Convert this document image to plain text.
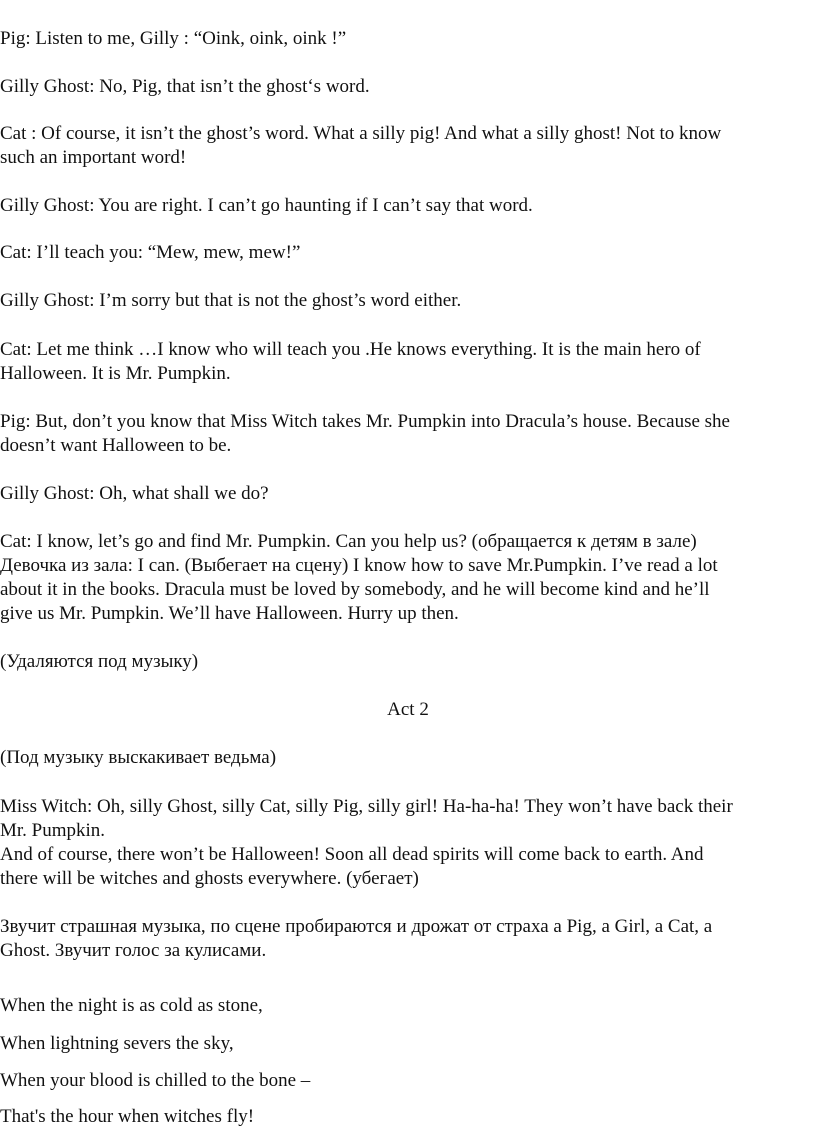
Pig: Listen to me, Gilly : “Oink, oink, oink !”

Gilly Ghost: No, Pig, that isn’t the ghost‘s word.

Cat : Of course, it isn’t the ghost’s word. What a silly pig! And what a silly ghost! Not to know

such an important word!

Gilly Ghost: You are right. I can’t go haunting if I can’t say that word.

Cat: I’ll teach you: “Mew, mew, mew!”

Gilly Ghost: I’m sorry but that is not the ghost’s word either.

Cat: Let me think …I know who will teach you .He knows everything. It is the main hero of

Halloween. It is Mr. Pumpkin.

Pig: But, don’t you know that Miss Witch takes Mr. Pumpkin into Dracula’s house. Because she

doesn’t want Halloween to be.

Gilly Ghost: Oh, what shall we do?

Cat: I know, let’s go and find Mr. Pumpkin. Can you help us? (обращается к детям в зале)

Девочка из зала: I can. (Выбегает на сцену) I know how to save Mr.Pumpkin. I’ve read a lot

about it in the books. Dracula must be loved by somebody, and he will become kind and he’ll

give us Mr. Pumpkin. We’ll have Halloween. Hurry up then.

(Удаляются под музыку)

Act 2

(Под музыку выскакивает ведьма)

Miss Witch: Oh, silly Ghost, silly Cat, silly Pig, silly girl! Ha-ha-ha! They won’t have back their

Mr. Pumpkin.

And of course, there won’t be Halloween! Soon all dead spirits will come back to earth. And

there will be witches and ghosts everywhere. (убегает)

Звучит страшная музыка, по сцене пробираются и дрожат от страха a Pig, a Girl, a Cat, a

Ghost. Звучит голос за кулисами.

When the night is as cold as stone,

When lightning severs the sky,

When your blood is chilled to the bone –

That's the hour when witches fly!
